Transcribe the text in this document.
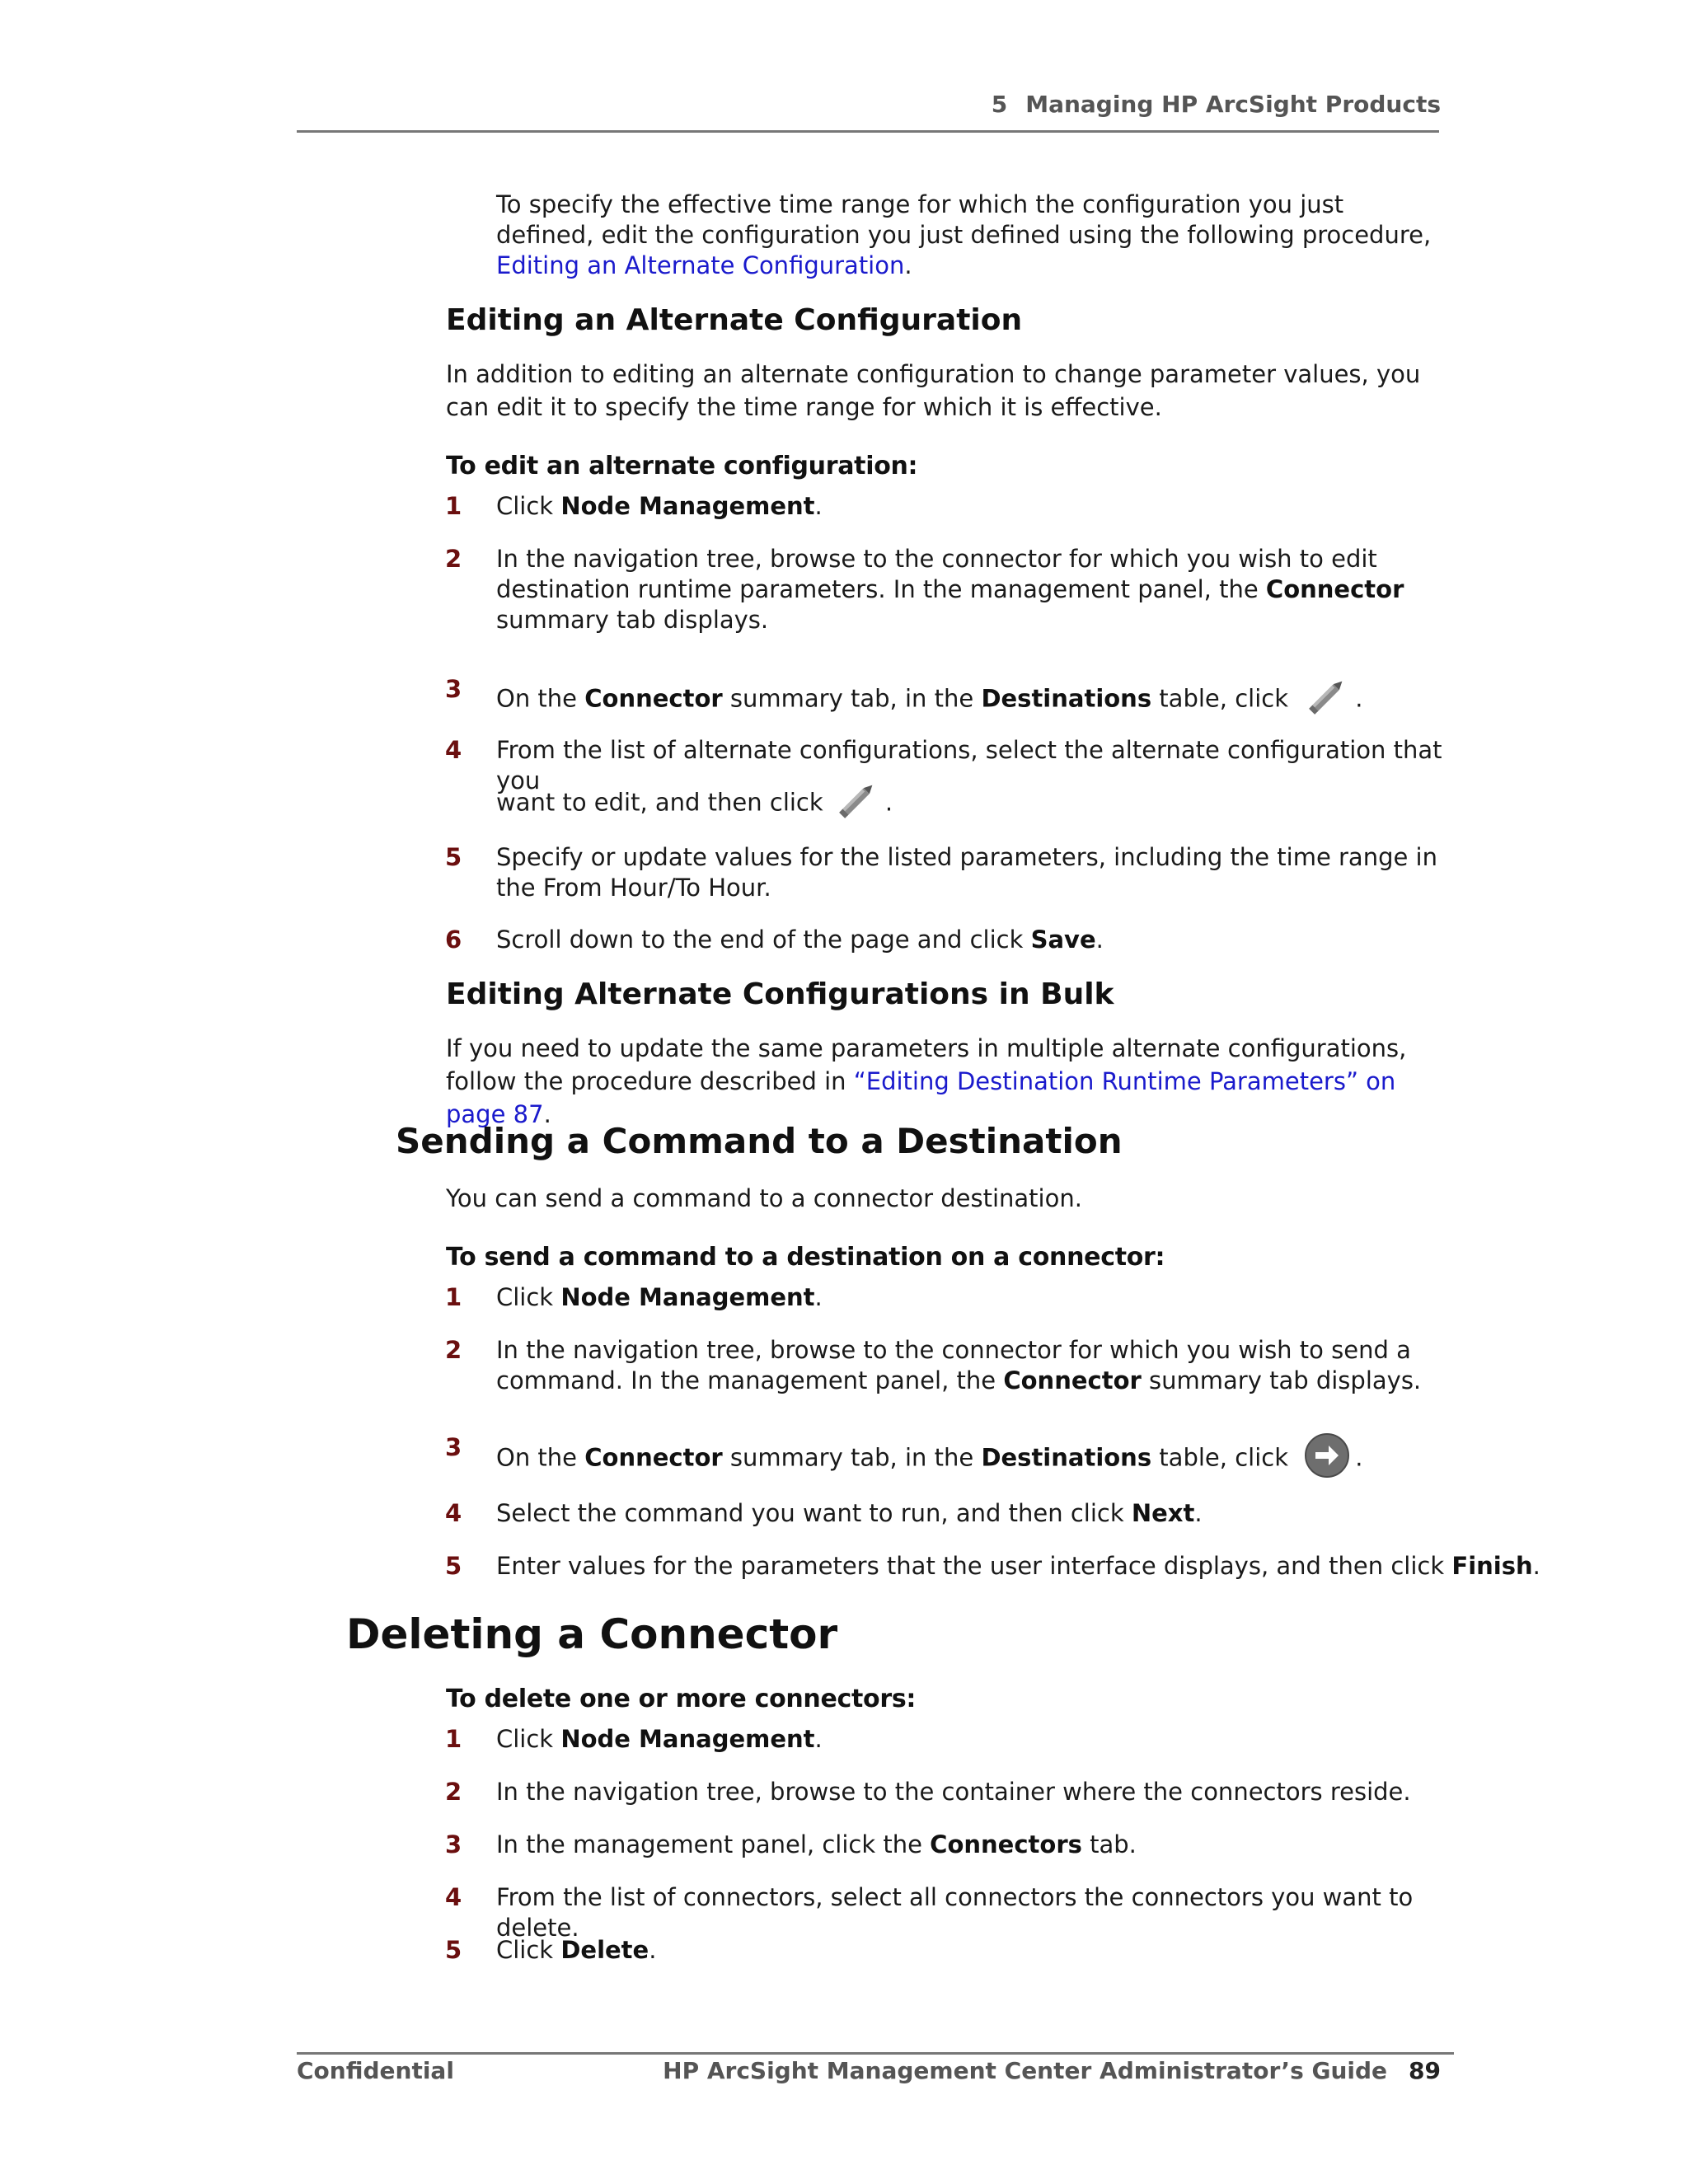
5 Managing HP ArcSight Products
To specify the effective time range for which the configuration you just defined, edit the configuration you just defined using the following procedure, Editing an Alternate Configuration.
Editing an Alternate Configuration
In addition to editing an alternate configuration to change parameter values, you can edit it to specify the time range for which it is effective.
To edit an alternate configuration:
1 Click Node Management.
2 In the navigation tree, browse to the connector for which you wish to edit destination runtime parameters. In the management panel, the Connector summary tab displays.
3 On the Connector summary tab, in the Destinations table, click .
4 From the list of alternate configurations, select the alternate configuration that you
want to edit, and then click .
5 Specify or update values for the listed parameters, including the time range in the From Hour/To Hour.
6 Scroll down to the end of the page and click Save.
Editing Alternate Configurations in Bulk
If you need to update the same parameters in multiple alternate configurations, follow the procedure described in “Editing Destination Runtime Parameters” on page 87.
Sending a Command to a Destination
You can send a command to a connector destination.
To send a command to a destination on a connector:
1 Click Node Management.
2 In the navigation tree, browse to the connector for which you wish to send a command. In the management panel, the Connector summary tab displays.
3 On the Connector summary tab, in the Destinations table, click .
4 Select the command you want to run, and then click Next.
5 Enter values for the parameters that the user interface displays, and then click Finish.
Deleting a Connector
To delete one or more connectors:
1 Click Node Management.
2 In the navigation tree, browse to the container where the connectors reside.
3 In the management panel, click the Connectors tab.
4 From the list of connectors, select all connectors the connectors you want to delete.
5 Click Delete.
Confidential	HP ArcSight Management Center Administrator’s Guide 89
